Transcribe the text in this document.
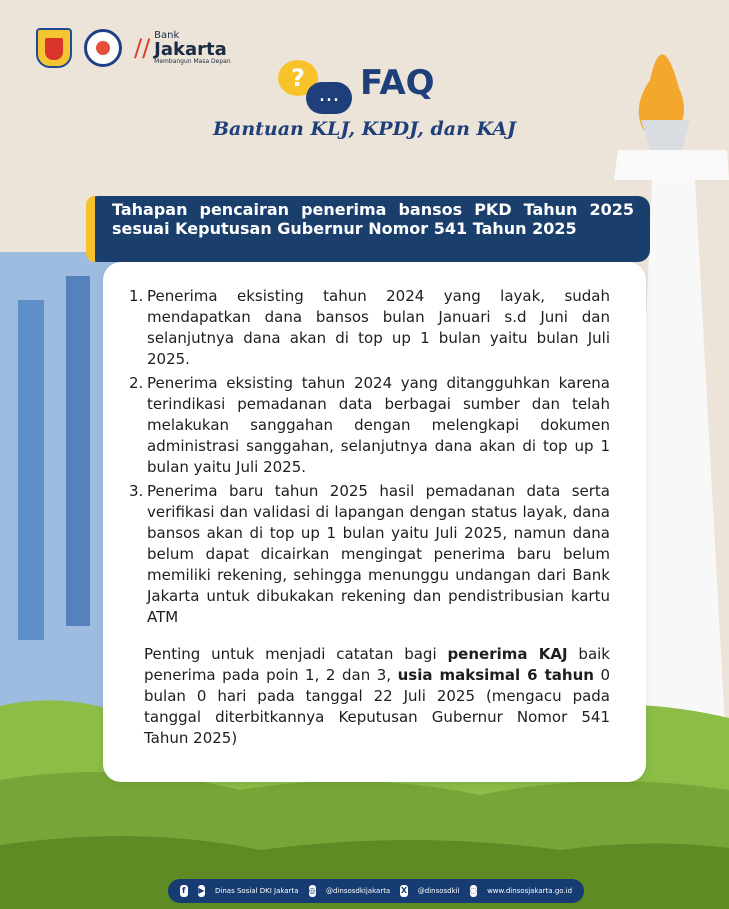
∕∕ Bank
Jakarta
Membangun Masa Depan
?
... FAQ
Bantuan KLJ, KPDJ, dan KAJ
Tahapan pencairan penerima bansos PKD Tahun 2025 sesuai Keputusan Gubernur Nomor 541 Tahun 2025
1. Penerima eksisting tahun 2024 yang layak, sudah mendapatkan dana bansos bulan Januari s.d Juni dan selanjutnya dana akan di top up 1 bulan yaitu bulan Juli 2025.
2. Penerima eksisting tahun 2024 yang ditangguhkan karena terindikasi pemadanan data berbagai sumber dan telah melakukan sanggahan dengan melengkapi dokumen administrasi sanggahan, selanjutnya dana akan di top up 1 bulan yaitu Juli 2025.
3. Penerima baru tahun 2025 hasil pemadanan data serta verifikasi dan validasi di lapangan dengan status layak, dana bansos akan di top up 1 bulan yaitu Juli 2025, namun dana belum dapat dicairkan mengingat penerima baru belum memiliki rekening, sehingga menunggu undangan dari Bank Jakarta untuk dibukakan rekening dan pendistribusian kartu ATM

Penting untuk menjadi catatan bagi penerima KAJ baik penerima pada poin 1, 2 dan 3, usia maksimal 6 tahun 0 bulan 0 hari pada tanggal 22 Juli 2025 (mengacu pada tanggal diterbitkannya Keputusan Gubernur Nomor 541 Tahun 2025)

f ▶ Dinas Sosial DKI Jakarta ◎ @dinsosdkijakarta X @dinsosdkil ◌ www.dinsosjakarta.go.id
